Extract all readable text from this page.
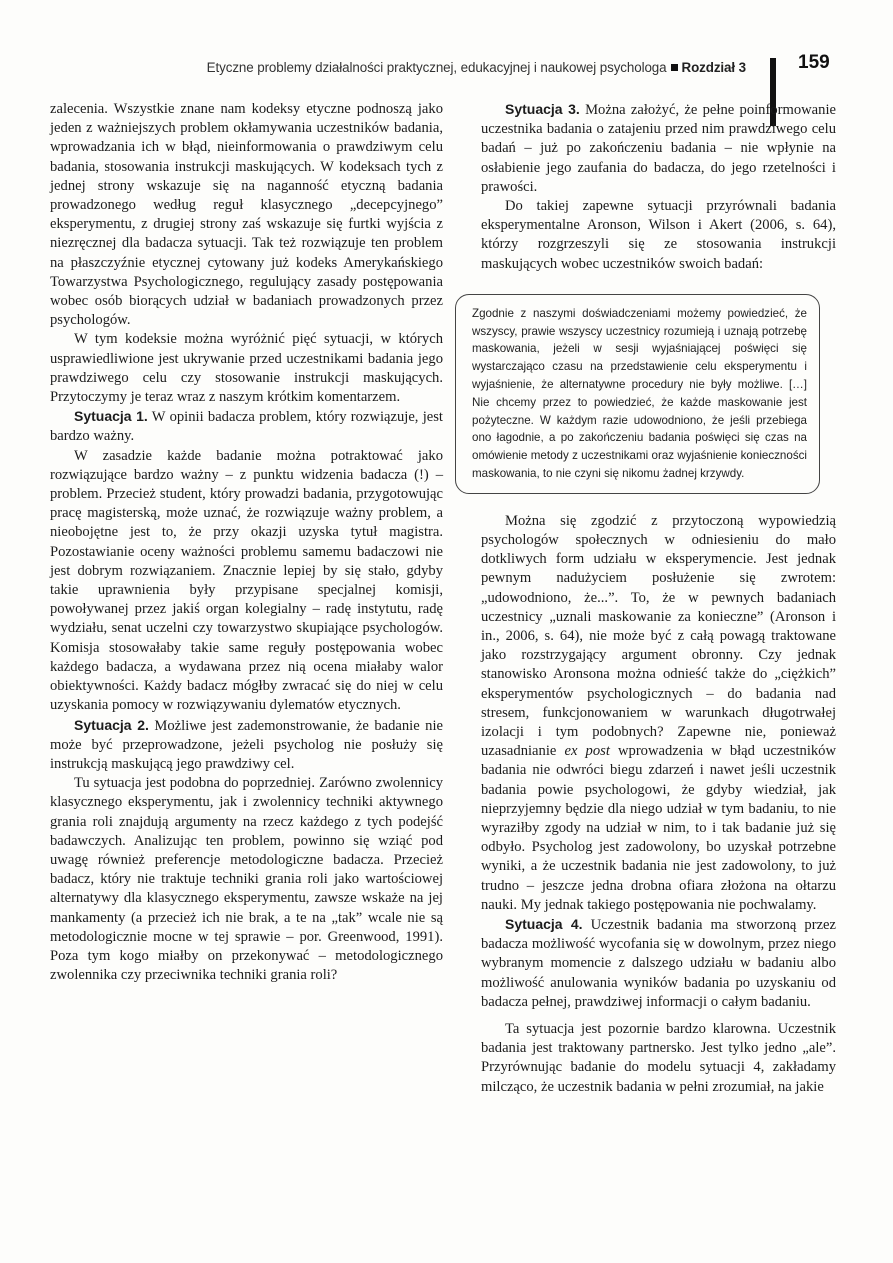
Etyczne problemy działalności praktycznej, edukacyjnej i naukowej psychologa Rozdział 3	159

zalecenia. Wszystkie znane nam kodeksy etyczne podnoszą jako jeden z ważniejszych problem okłamywania uczestników badania, wprowadzania ich w błąd, nieinformowania o prawdziwym celu badania, stosowania instrukcji maskujących. W kodeksach tych z jednej strony wskazuje się na naganność etyczną badania prowadzonego według reguł klasycznego „decepcyjnego” eksperymentu, z drugiej strony zaś wskazuje się furtki wyjścia z niezręcznej dla badacza sytuacji. Tak też rozwiązuje ten problem na płaszczyźnie etycznej cytowany już kodeks Amerykańskiego Towarzystwa Psychologicznego, regulujący zasady postępowania wobec osób biorących udział w badaniach prowadzonych przez psychologów.

W tym kodeksie można wyróżnić pięć sytuacji, w których usprawiedliwione jest ukrywanie przed uczestnikami badania jego prawdziwego celu czy stosowanie instrukcji maskujących. Przytoczymy je teraz wraz z naszym krótkim komentarzem.

Sytuacja 1. W opinii badacza problem, który rozwiązuje, jest bardzo ważny.

W zasadzie każde badanie można potraktować jako rozwiązujące bardzo ważny – z punktu widzenia badacza (!) – problem. Przecież student, który prowadzi badania, przygotowując pracę magisterską, może uznać, że rozwiązuje ważny problem, a nieobojętne jest to, że przy okazji uzyska tytuł magistra. Pozostawianie oceny ważności problemu samemu badaczowi nie jest dobrym rozwiązaniem. Znacznie lepiej by się stało, gdyby takie uprawnienia były przypisane specjalnej komisji, powoływanej przez jakiś organ kolegialny – radę instytutu, radę wydziału, senat uczelni czy towarzystwo skupiające psychologów. Komisja stosowałaby takie same reguły postępowania wobec każdego badacza, a wydawana przez nią ocena miałaby walor obiektywności. Każdy badacz mógłby zwracać się do niej w celu uzyskania pomocy w rozwiązywaniu dylematów etycznych.

Sytuacja 2. Możliwe jest zademonstrowanie, że badanie nie może być przeprowadzone, jeżeli psycholog nie posłuży się instrukcją maskującą jego prawdziwy cel.

Tu sytuacja jest podobna do poprzedniej. Zarówno zwolennicy klasycznego eksperymentu, jak i zwolennicy techniki aktywnego grania roli znajdują argumenty na rzecz każdego z tych podejść badawczych. Analizując ten problem, powinno się wziąć pod uwagę również preferencje metodologiczne badacza. Przecież badacz, który nie traktuje techniki grania roli jako wartościowej alternatywy dla klasycznego eksperymentu, zawsze wskaże na jej mankamenty (a przecież ich nie brak, a te na „tak” wcale nie są metodologicznie mocne w tej sprawie – por. Greenwood, 1991). Poza tym kogo miałby on przekonywać – metodologicznego zwolennika czy przeciwnika techniki grania roli?

Sytuacja 3. Można założyć, że pełne poinformowanie uczestnika badania o zatajeniu przed nim prawdziwego celu badań – już po zakończeniu badania – nie wpłynie na osłabienie jego zaufania do badacza, do jego rzetelności i prawości.

Do takiej zapewne sytuacji przyrównali badania eksperymentalne Aronson, Wilson i Akert (2006, s. 64), którzy rozgrzeszyli się ze stosowania instrukcji maskujących wobec uczestników swoich badań:

Zgodnie z naszymi doświadczeniami możemy powiedzieć, że wszyscy, prawie wszyscy uczestnicy rozumieją i uznają potrzebę maskowania, jeżeli w sesji wyjaśniającej poświęci się wystarczająco czasu na przedstawienie celu eksperymentu i wyjaśnienie, że alternatywne procedury nie były możliwe. […] Nie chcemy przez to powiedzieć, że każde maskowanie jest pożyteczne. W każdym razie udowodniono, że jeśli przebiega ono łagodnie, a po zakończeniu badania poświęci się czas na omówienie metody z uczestnikami oraz wyjaśnienie konieczności maskowania, to nie czyni się nikomu żadnej krzywdy.

Można się zgodzić z przytoczoną wypowiedzią psychologów społecznych w odniesieniu do mało dotkliwych form udziału w eksperymencie. Jest jednak pewnym nadużyciem posłużenie się zwrotem: „udowodniono, że...”. To, że w pewnych badaniach uczestnicy „uznali maskowanie za konieczne” (Aronson i in., 2006, s. 64), nie może być z całą powagą traktowane jako rozstrzygający argument obronny. Czy jednak stanowisko Aronsona można odnieść także do „ciężkich” eksperymentów psychologicznych – do badania nad stresem, funkcjonowaniem w warunkach długotrwałej izolacji i tym podobnych? Zapewne nie, ponieważ uzasadnianie ex post wprowadzenia w błąd uczestników badania nie odwróci biegu zdarzeń i nawet jeśli uczestnik badania powie psychologowi, że gdyby wiedział, jak nieprzyjemny będzie dla niego udział w tym badaniu, to nie wyraziłby zgody na udział w nim, to i tak badanie już się odbyło. Psycholog jest zadowolony, bo uzyskał potrzebne wyniki, a że uczestnik badania nie jest zadowolony, to już trudno – jeszcze jedna drobna ofiara złożona na ołtarzu nauki. My jednak takiego postępowania nie pochwalamy.

Sytuacja 4. Uczestnik badania ma stworzoną przez badacza możliwość wycofania się w dowolnym, przez niego wybranym momencie z dalszego udziału w badaniu albo możliwość anulowania wyników badania po uzyskaniu od badacza pełnej, prawdziwej informacji o całym badaniu.

Ta sytuacja jest pozornie bardzo klarowna. Uczestnik badania jest traktowany partnersko. Jest tylko jedno „ale”. Przyrównując badanie do modelu sytuacji 4, zakładamy milcząco, że uczestnik badania w pełni zrozumiał, na jakie
